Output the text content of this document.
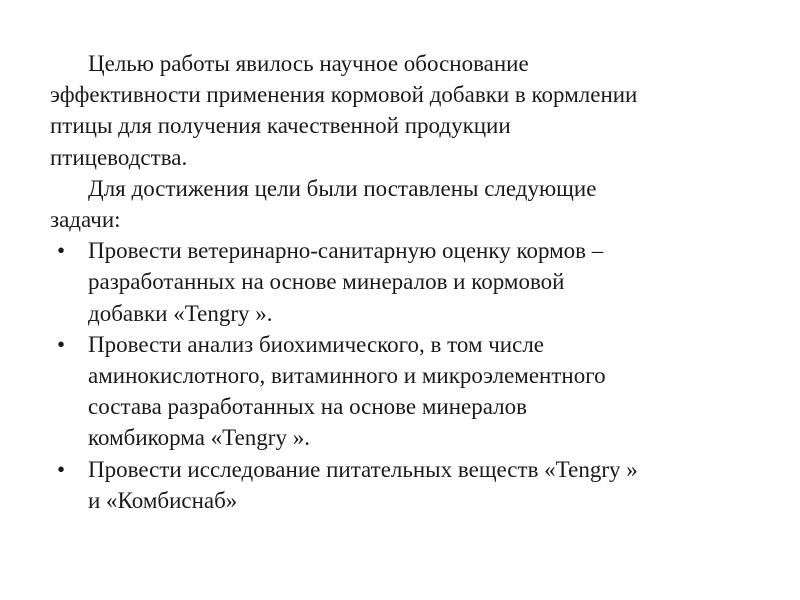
Целью работы явилось научное обоснование
эффективности применения кормовой добавки в кормлении
птицы для получения качественной продукции
птицеводства.
Для достижения цели были поставлены следующие
задачи:
• Провести ветеринарно-санитарную оценку кормов –
разработанных на основе минералов и кормовой
добавки «Tengry ».
• Провести анализ биохимического, в том числе
аминокислотного, витаминного и микроэлементного
состава разработанных на основе минералов
комбикорма «Tengry ».
• Провести исследование питательных веществ «Tengry »
и «Комбиснаб»
